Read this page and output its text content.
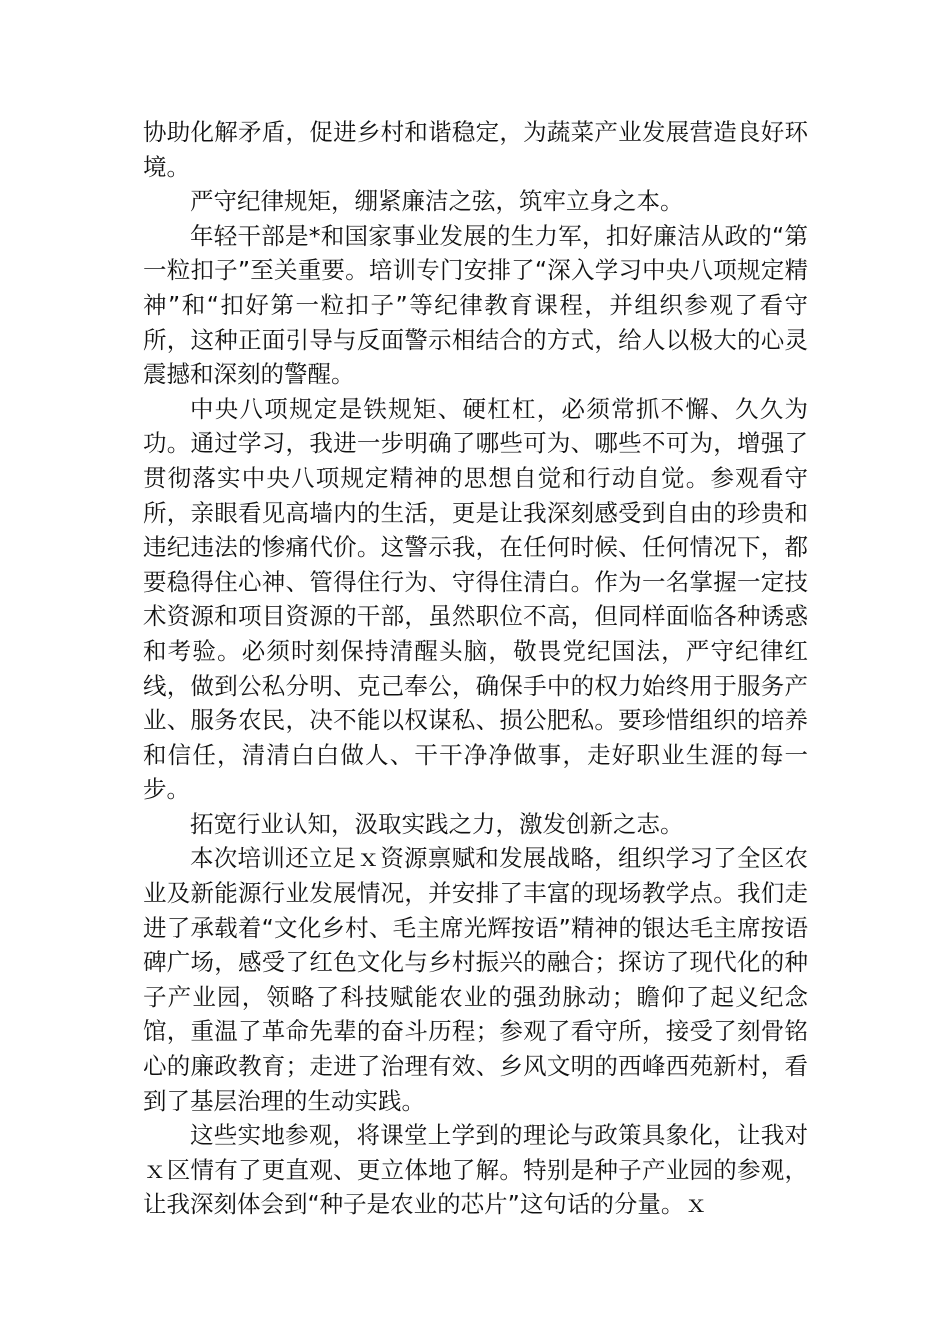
协助化解矛盾，促进乡村和谐稳定，为蔬菜产业发展营造良好环境。

严守纪律规矩，绷紧廉洁之弦，筑牢立身之本。

年轻干部是*和国家事业发展的生力军，扣好廉洁从政的“第一粒扣子”至关重要。培训专门安排了“深入学习中央八项规定精神”和“扣好第一粒扣子”等纪律教育课程，并组织参观了看守所，这种正面引导与反面警示相结合的方式，给人以极大的心灵震撼和深刻的警醒。

中央八项规定是铁规矩、硬杠杠，必须常抓不懈、久久为功。通过学习，我进一步明确了哪些可为、哪些不可为，增强了贯彻落实中央八项规定精神的思想自觉和行动自觉。参观看守所，亲眼看见高墙内的生活，更是让我深刻感受到自由的珍贵和违纪违法的惨痛代价。这警示我，在任何时候、任何情况下，都要稳得住心神、管得住行为、守得住清白。作为一名掌握一定技术资源和项目资源的干部，虽然职位不高，但同样面临各种诱惑和考验。必须时刻保持清醒头脑，敬畏党纪国法，严守纪律红线，做到公私分明、克己奉公，确保手中的权力始终用于服务产业、服务农民，决不能以权谋私、损公肥私。要珍惜组织的培养和信任，清清白白做人、干干净净做事，走好职业生涯的每一步。

拓宽行业认知，汲取实践之力，激发创新之志。

本次培训还立足ｘ资源禀赋和发展战略，组织学习了全区农业及新能源行业发展情况，并安排了丰富的现场教学点。我们走进了承载着“文化乡村、毛主席光辉按语”精神的银达毛主席按语碑广场，感受了红色文化与乡村振兴的融合；探访了现代化的种子产业园，领略了科技赋能农业的强劲脉动；瞻仰了起义纪念馆，重温了革命先辈的奋斗历程；参观了看守所，接受了刻骨铭心的廉政教育；走进了治理有效、乡风文明的西峰西苑新村，看到了基层治理的生动实践。

这些实地参观，将课堂上学到的理论与政策具象化，让我对ｘ区情有了更直观、更立体地了解。特别是种子产业园的参观，让我深刻体会到“种子是农业的芯片”这句话的分量。ｘ
